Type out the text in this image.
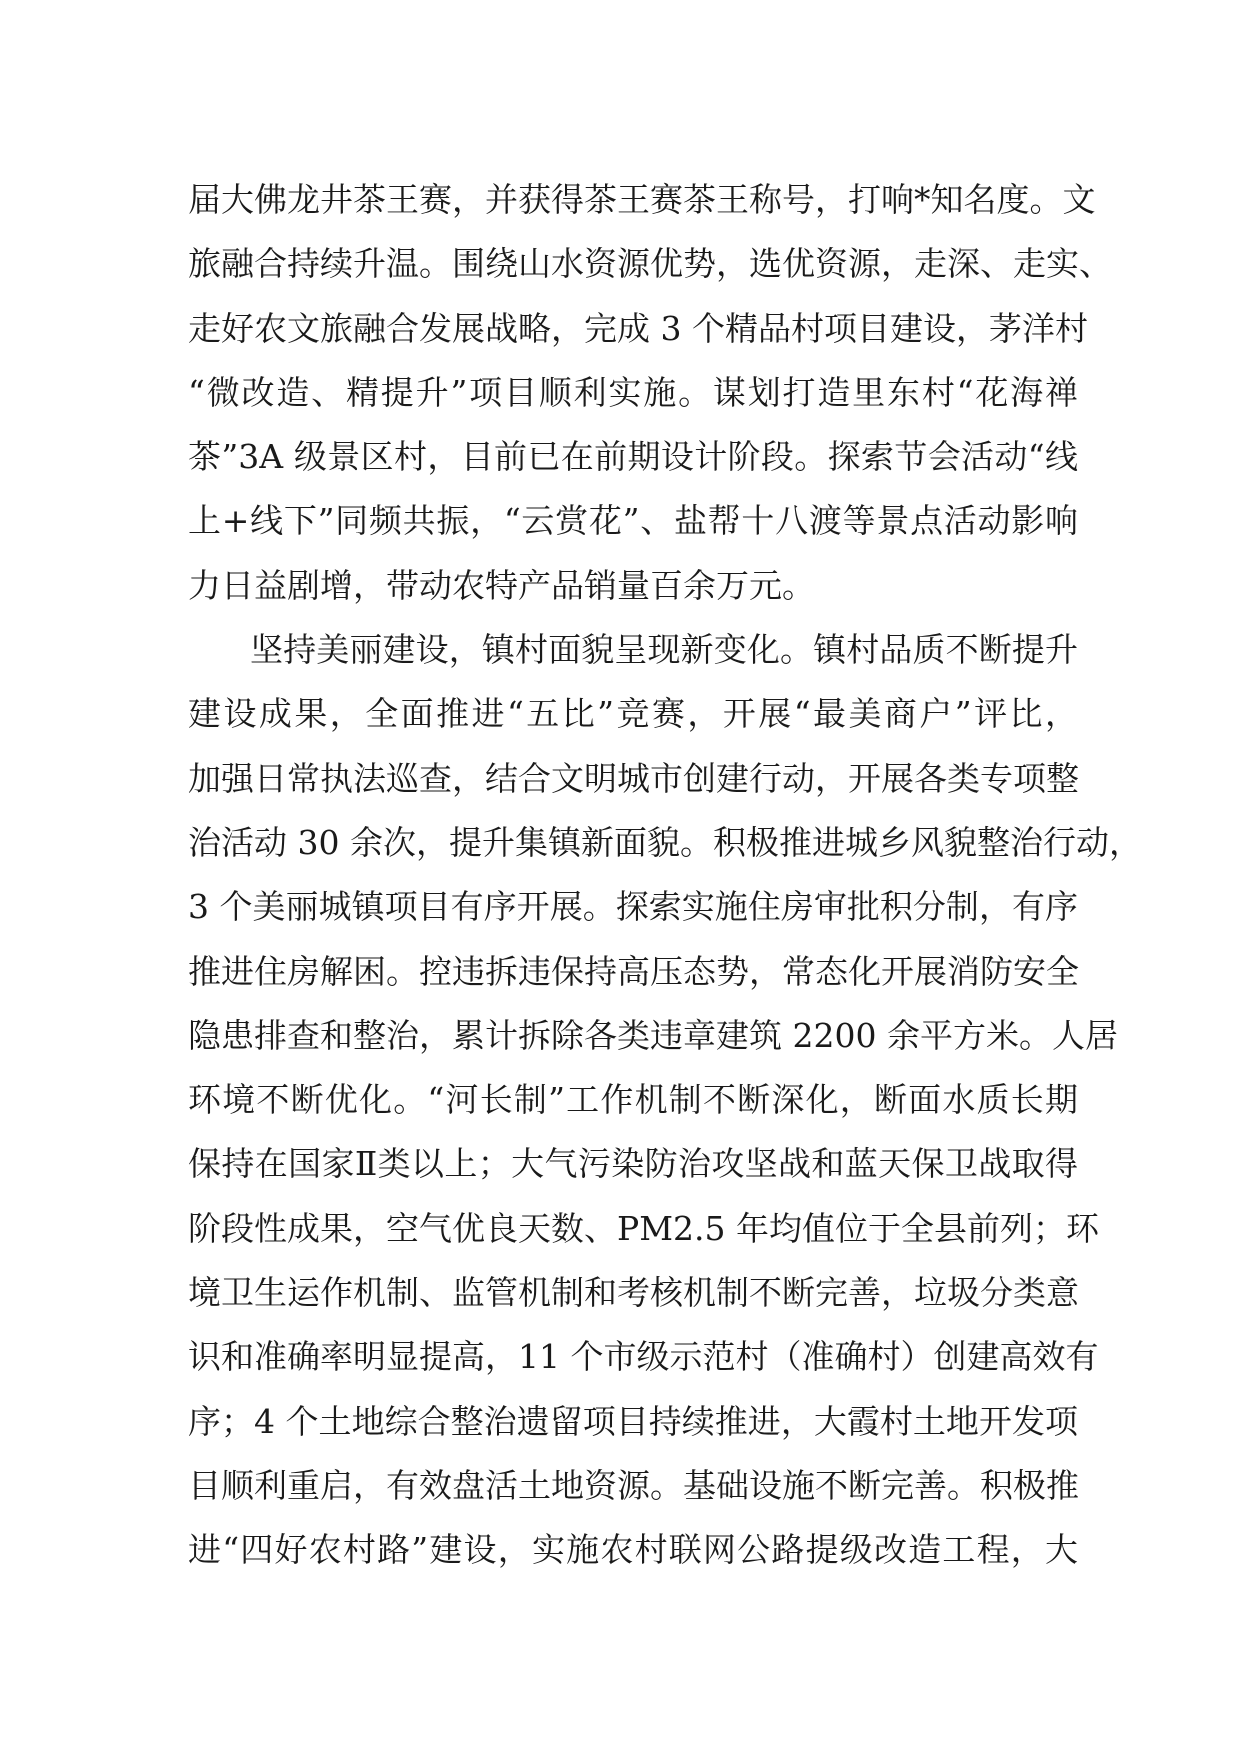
届大佛龙井茶王赛，并获得茶王赛茶王称号，打响*知名度。文
旅融合持续升温。围绕山水资源优势，选优资源，走深、走实、
走好农文旅融合发展战略，完成 3 个精品村项目建设，茅洋村
“微改造、精提升”项目顺利实施。谋划打造里东村“花海禅
茶”3A 级景区村，目前已在前期设计阶段。探索节会活动“线
上+线下”同频共振，“云赏花”、盐帮十八渡等景点活动影响
力日益剧增，带动农特产品销量百余万元。
坚持美丽建设，镇村面貌呈现新变化。镇村品质不断提升
建设成果，全面推进“五比”竞赛，开展“最美商户”评比，
加强日常执法巡查，结合文明城市创建行动，开展各类专项整
治活动 30 余次，提升集镇新面貌。积极推进城乡风貌整治行动，
3 个美丽城镇项目有序开展。探索实施住房审批积分制，有序
推进住房解困。控违拆违保持高压态势，常态化开展消防安全
隐患排查和整治，累计拆除各类违章建筑 2200 余平方米。人居
环境不断优化。“河长制”工作机制不断深化，断面水质长期
保持在国家Ⅱ类以上；大气污染防治攻坚战和蓝天保卫战取得
阶段性成果，空气优良天数、PM2.5 年均值位于全县前列；环
境卫生运作机制、监管机制和考核机制不断完善，垃圾分类意
识和准确率明显提高，11 个市级示范村（准确村）创建高效有
序；4 个土地综合整治遗留项目持续推进，大霞村土地开发项
目顺利重启，有效盘活土地资源。基础设施不断完善。积极推
进“四好农村路”建设，实施农村联网公路提级改造工程，大
